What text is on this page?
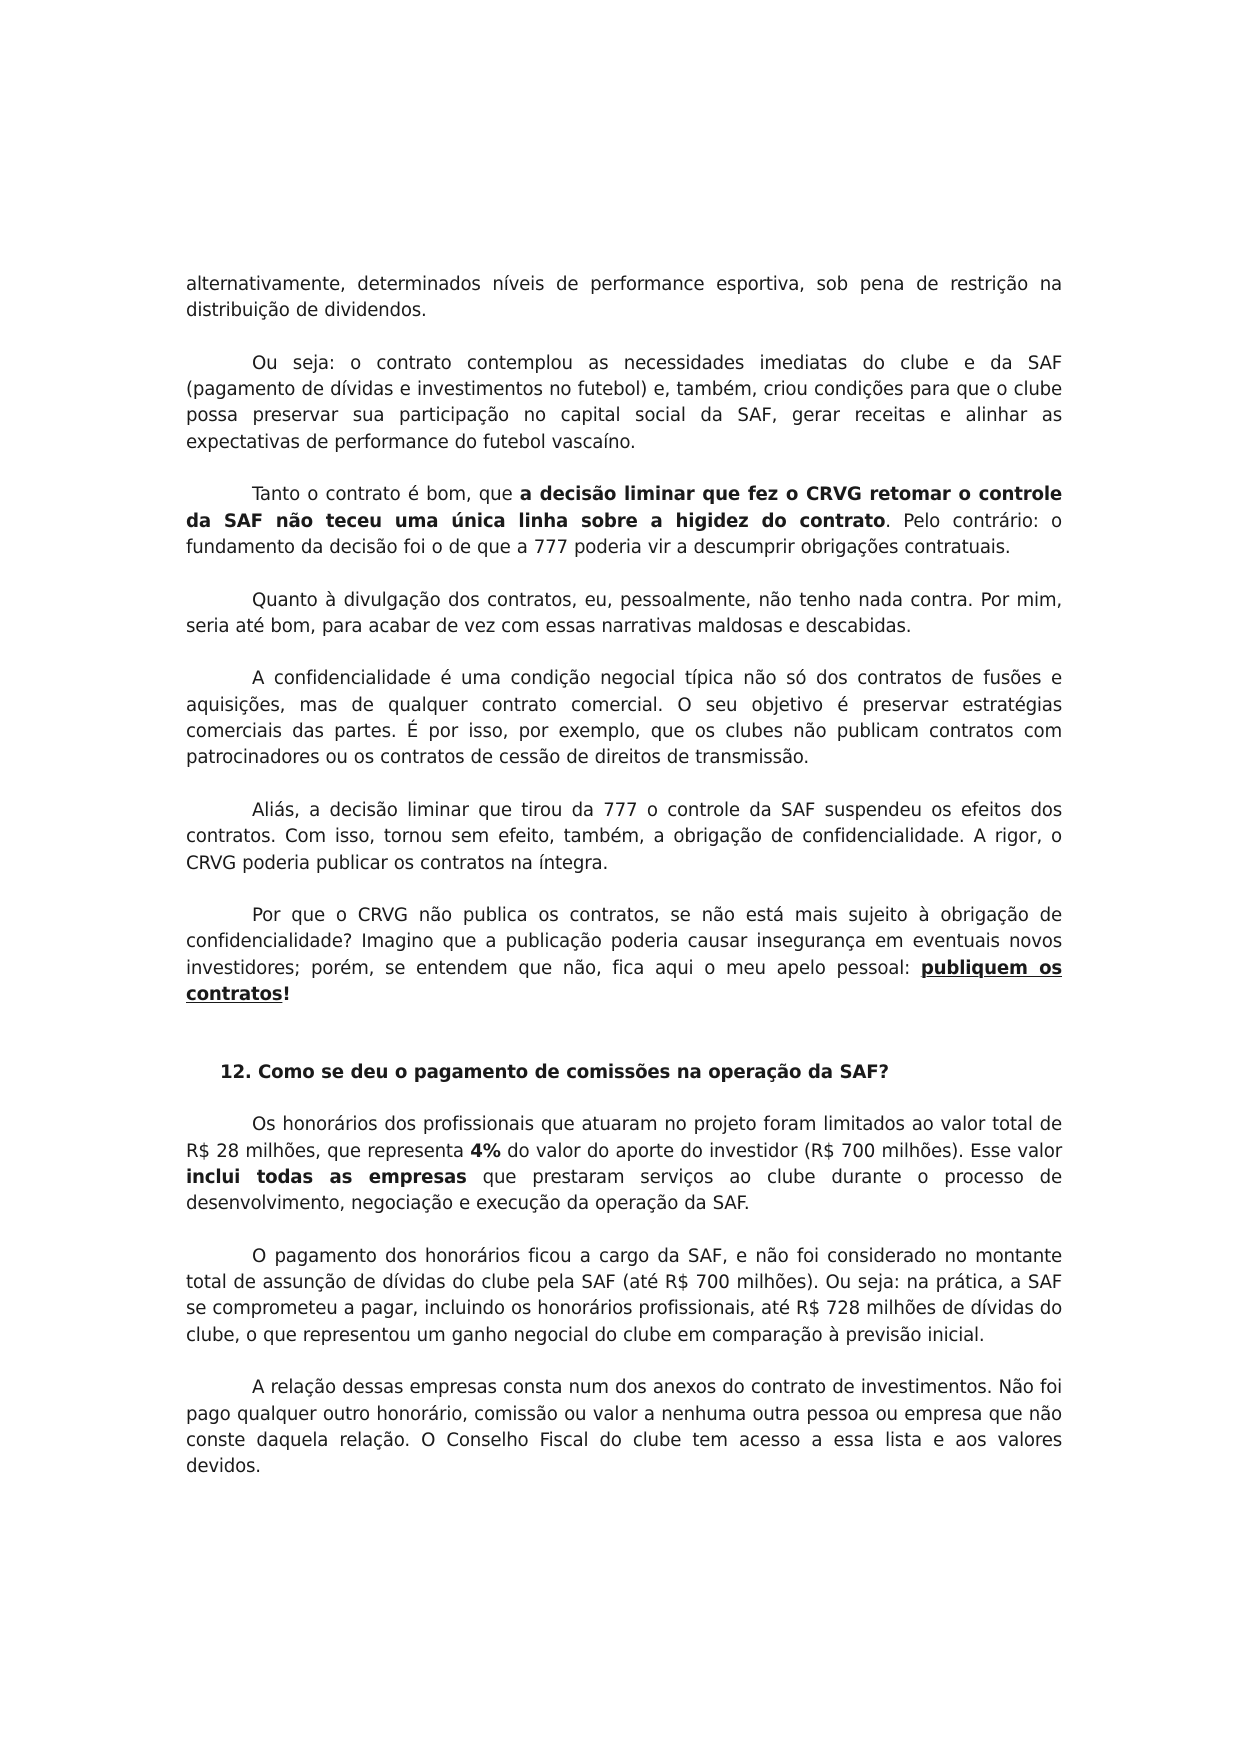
alternativamente, determinados níveis de performance esportiva, sob pena de restrição na distribuição de dividendos.

Ou seja: o contrato contemplou as necessidades imediatas do clube e da SAF (pagamento de dívidas e investimentos no futebol) e, também, criou condições para que o clube possa preservar sua participação no capital social da SAF, gerar receitas e alinhar as expectativas de performance do futebol vascaíno.

Tanto o contrato é bom, que a decisão liminar que fez o CRVG retomar o controle da SAF não teceu uma única linha sobre a higidez do contrato. Pelo contrário: o fundamento da decisão foi o de que a 777 poderia vir a descumprir obrigações contratuais.

Quanto à divulgação dos contratos, eu, pessoalmente, não tenho nada contra. Por mim, seria até bom, para acabar de vez com essas narrativas maldosas e descabidas.

A confidencialidade é uma condição negocial típica não só dos contratos de fusões e aquisições, mas de qualquer contrato comercial. O seu objetivo é preservar estratégias comerciais das partes. É por isso, por exemplo, que os clubes não publicam contratos com patrocinadores ou os contratos de cessão de direitos de transmissão.

Aliás, a decisão liminar que tirou da 777 o controle da SAF suspendeu os efeitos dos contratos. Com isso, tornou sem efeito, também, a obrigação de confidencialidade. A rigor, o CRVG poderia publicar os contratos na íntegra.

Por que o CRVG não publica os contratos, se não está mais sujeito à obrigação de confidencialidade? Imagino que a publicação poderia causar insegurança em eventuais novos investidores; porém, se entendem que não, fica aqui o meu apelo pessoal: publiquem os contratos!

12. Como se deu o pagamento de comissões na operação da SAF?

Os honorários dos profissionais que atuaram no projeto foram limitados ao valor total de R$ 28 milhões, que representa 4% do valor do aporte do investidor (R$ 700 milhões). Esse valor inclui todas as empresas que prestaram serviços ao clube durante o processo de desenvolvimento, negociação e execução da operação da SAF.

O pagamento dos honorários ficou a cargo da SAF, e não foi considerado no montante total de assunção de dívidas do clube pela SAF (até R$ 700 milhões). Ou seja: na prática, a SAF se comprometeu a pagar, incluindo os honorários profissionais, até R$ 728 milhões de dívidas do clube, o que representou um ganho negocial do clube em comparação à previsão inicial.

A relação dessas empresas consta num dos anexos do contrato de investimentos. Não foi pago qualquer outro honorário, comissão ou valor a nenhuma outra pessoa ou empresa que não conste daquela relação. O Conselho Fiscal do clube tem acesso a essa lista e aos valores devidos.
